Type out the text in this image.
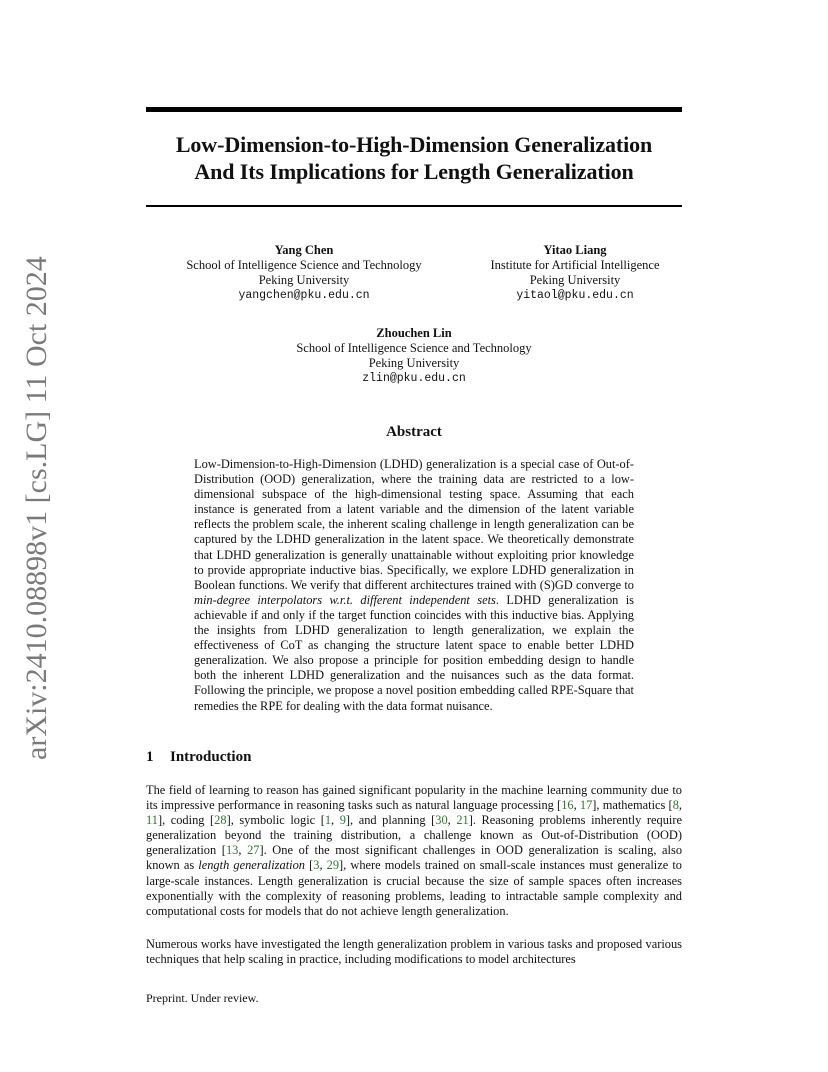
arXiv:2410.08898v1 [cs.LG] 11 Oct 2024
Low-Dimension-to-High-Dimension Generalization
And Its Implications for Length Generalization
Yang Chen
School of Intelligence Science and Technology
Peking University
yangchen@pku.edu.cn
Yitao Liang
Institute for Artificial Intelligence
Peking University
yitaol@pku.edu.cn
Zhouchen Lin
School of Intelligence Science and Technology
Peking University
zlin@pku.edu.cn
Abstract

Low-Dimension-to-High-Dimension (LDHD) generalization is a special case of Out-of-Distribution (OOD) generalization, where the training data are restricted to a low-dimensional subspace of the high-dimensional testing space. Assuming that each instance is generated from a latent variable and the dimension of the latent variable reflects the problem scale, the inherent scaling challenge in length generalization can be captured by the LDHD generalization in the latent space. We theoretically demonstrate that LDHD generalization is generally unattainable without exploiting prior knowledge to provide appropriate inductive bias. Specifically, we explore LDHD generalization in Boolean functions. We verify that different architectures trained with (S)GD converge to min-degree interpolators w.r.t. different independent sets. LDHD generalization is achievable if and only if the target function coincides with this inductive bias. Applying the insights from LDHD generalization to length generalization, we explain the effectiveness of CoT as changing the structure latent space to enable better LDHD generalization. We also propose a principle for position embedding design to handle both the inherent LDHD generalization and the nuisances such as the data format. Following the principle, we propose a novel position embedding called RPE-Square that remedies the RPE for dealing with the data format nuisance.

1 Introduction

The field of learning to reason has gained significant popularity in the machine learning community due to its impressive performance in reasoning tasks such as natural language processing [16, 17], mathematics [8, 11], coding [28], symbolic logic [1, 9], and planning [30, 21]. Reasoning problems inherently require generalization beyond the training distribution, a challenge known as Out-of-Distribution (OOD) generalization [13, 27]. One of the most significant challenges in OOD generalization is scaling, also known as length generalization [3, 29], where models trained on small-scale instances must generalize to large-scale instances. Length generalization is crucial because the size of sample spaces often increases exponentially with the complexity of reasoning problems, leading to intractable sample complexity and computational costs for models that do not achieve length generalization.

Numerous works have investigated the length generalization problem in various tasks and proposed various techniques that help scaling in practice, including modifications to model architectures

Preprint. Under review.
